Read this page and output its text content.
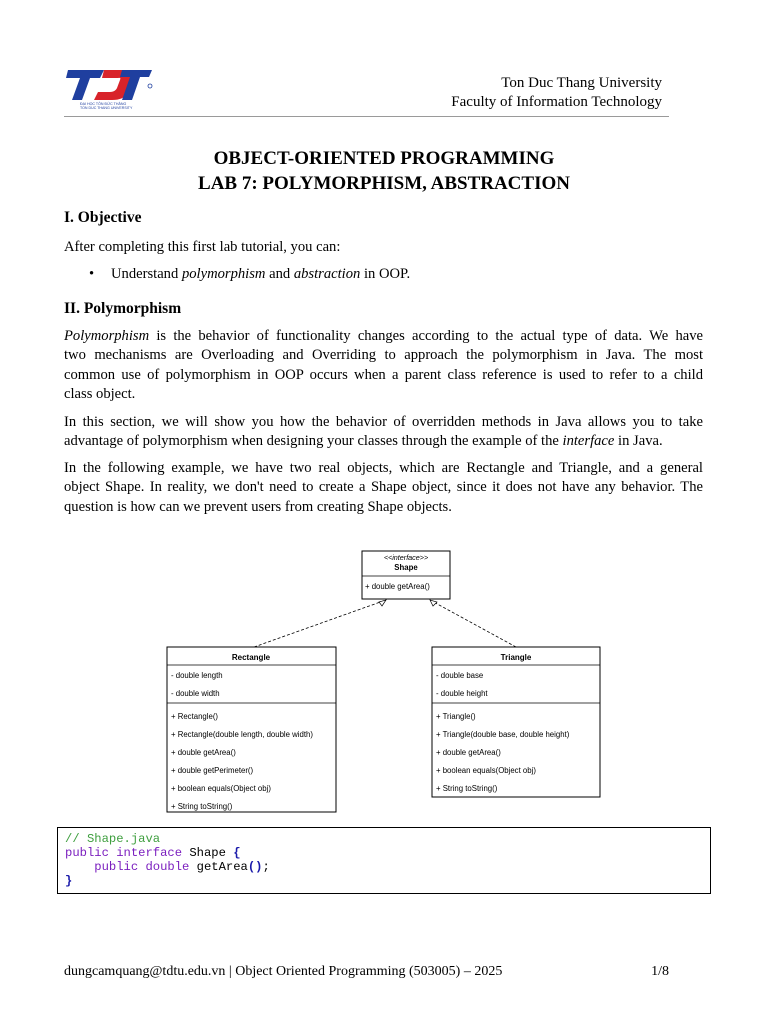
ĐẠI HỌC TÔN ĐỨC THẮNG
TON DUC THANG UNIVERSITY
Ton Duc Thang University
Faculty of Information Technology
OBJECT-ORIENTED PROGRAMMING
LAB 7: POLYMORPHISM, ABSTRACTION
I. Objective
After completing this first lab tutorial, you can:
• Understand polymorphism and abstraction in OOP.
II. Polymorphism
Polymorphism is the behavior of functionality changes according to the actual type of data. We have
two mechanisms are Overloading and Overriding to approach the polymorphism in Java. The most
common use of polymorphism in OOP occurs when a parent class reference is used to refer to a child
class object.
In this section, we will show you how the behavior of overridden methods in Java allows you to take
advantage of polymorphism when designing your classes through the example of the interface in Java.
In the following example, we have two real objects, which are Rectangle and Triangle, and a general
object Shape. In reality, we don't need to create a Shape object, since it does not have any behavior. The
question is how can we prevent users from creating Shape objects.
<<interface>>
Shape
+ double getArea()
Rectangle
- double length
- double width
+ Rectangle()
+ Rectangle(double length, double width)
+ double getArea()
+ double getPerimeter()
+ boolean equals(Object obj)
+ String toString()
Triangle
- double base
- double height
+ Triangle()
+ Triangle(double base, double height)
+ double getArea()
+ boolean equals(Object obj)
+ String toString()
// Shape.java
public interface Shape {
public double getArea();
}
dungcamquang@tdtu.edu.vn | Object Oriented Programming (503005) – 2025	1/8
